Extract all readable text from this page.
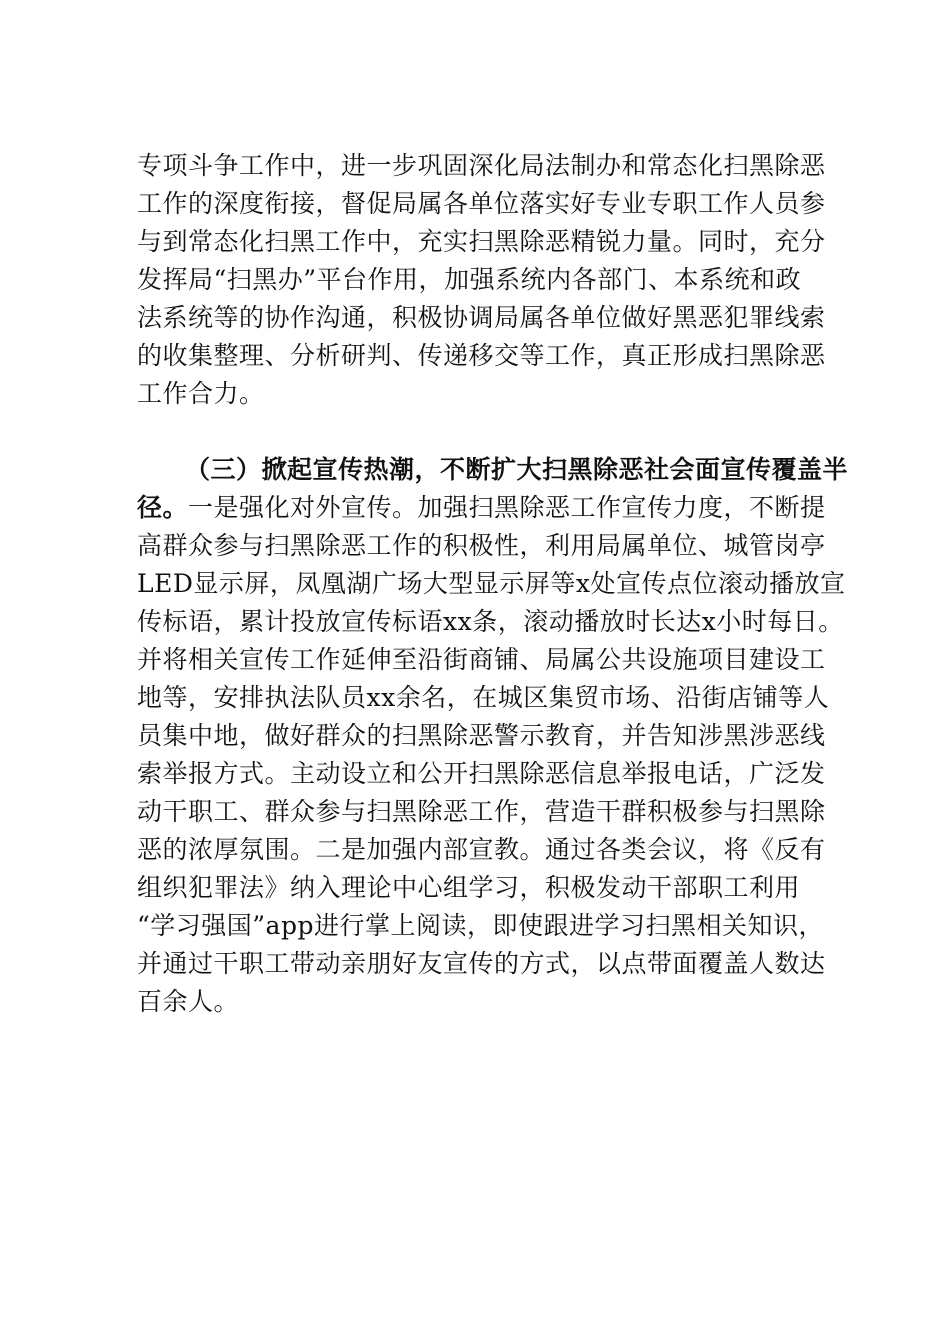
专项斗争工作中，进一步巩固深化局法制办和常态化扫黑除恶
工作的深度衔接，督促局属各单位落实好专业专职工作人员参
与到常态化扫黑工作中，充实扫黑除恶精锐力量。同时，充分
发挥局“扫黑办”平台作用，加强系统内各部门、本系统和政
法系统等的协作沟通，积极协调局属各单位做好黑恶犯罪线索
的收集整理、分析研判、传递移交等工作，真正形成扫黑除恶
工作合力。
（三）掀起宣传热潮，不断扩大扫黑除恶社会面宣传覆盖半
径。一是强化对外宣传。加强扫黑除恶工作宣传力度，不断提
高群众参与扫黑除恶工作的积极性，利用局属单位、城管岗亭
LED显示屏，凤凰湖广场大型显示屏等x处宣传点位滚动播放宣
传标语，累计投放宣传标语xx条，滚动播放时长达x小时每日。
并将相关宣传工作延伸至沿街商铺、局属公共设施项目建设工
地等，安排执法队员xx余名，在城区集贸市场、沿街店铺等人
员集中地，做好群众的扫黑除恶警示教育，并告知涉黑涉恶线
索举报方式。主动设立和公开扫黑除恶信息举报电话，广泛发
动干职工、群众参与扫黑除恶工作，营造干群积极参与扫黑除
恶的浓厚氛围。二是加强内部宣教。通过各类会议，将《反有
组织犯罪法》纳入理论中心组学习，积极发动干部职工利用
“学习强国”app进行掌上阅读，即使跟进学习扫黑相关知识，
并通过干职工带动亲朋好友宣传的方式，以点带面覆盖人数达
百余人。
